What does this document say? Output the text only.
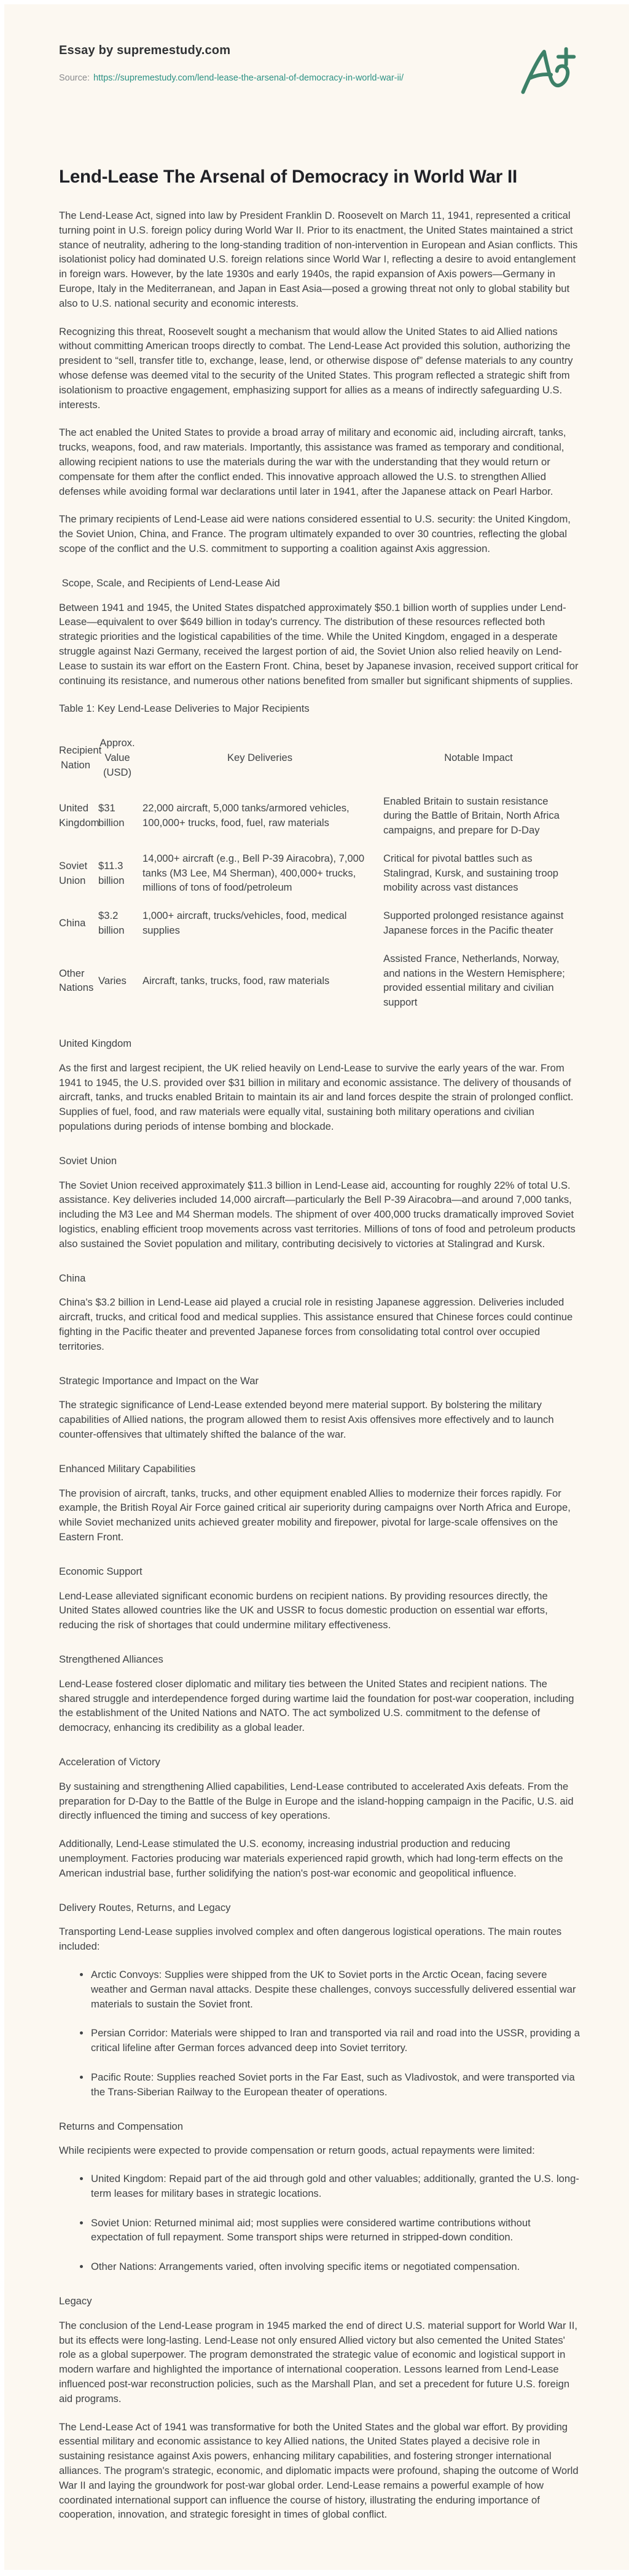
Essay by supremestudy.com
Source: https://supremestudy.com/lend-lease-the-arsenal-of-democracy-in-world-war-ii/
Lend-Lease The Arsenal of Democracy in World War II

The Lend-Lease Act, signed into law by President Franklin D. Roosevelt on March 11, 1941, represented a critical turning point in U.S. foreign policy during World War II. Prior to its enactment, the United States maintained a strict stance of neutrality, adhering to the long-standing tradition of non-intervention in European and Asian conflicts. This isolationist policy had dominated U.S. foreign relations since World War I, reflecting a desire to avoid entanglement in foreign wars. However, by the late 1930s and early 1940s, the rapid expansion of Axis powers—Germany in Europe, Italy in the Mediterranean, and Japan in East Asia—posed a growing threat not only to global stability but also to U.S. national security and economic interests.

Recognizing this threat, Roosevelt sought a mechanism that would allow the United States to aid Allied nations without committing American troops directly to combat. The Lend-Lease Act provided this solution, authorizing the president to “sell, transfer title to, exchange, lease, lend, or otherwise dispose of” defense materials to any country whose defense was deemed vital to the security of the United States. This program reflected a strategic shift from isolationism to proactive engagement, emphasizing support for allies as a means of indirectly safeguarding U.S. interests.

The act enabled the United States to provide a broad array of military and economic aid, including aircraft, tanks, trucks, weapons, food, and raw materials. Importantly, this assistance was framed as temporary and conditional, allowing recipient nations to use the materials during the war with the understanding that they would return or compensate for them after the conflict ended. This innovative approach allowed the U.S. to strengthen Allied defenses while avoiding formal war declarations until later in 1941, after the Japanese attack on Pearl Harbor.

The primary recipients of Lend-Lease aid were nations considered essential to U.S. security: the United Kingdom, the Soviet Union, China, and France. The program ultimately expanded to over 30 countries, reflecting the global scope of the conflict and the U.S. commitment to supporting a coalition against Axis aggression.

Scope, Scale, and Recipients of Lend-Lease Aid

Between 1941 and 1945, the United States dispatched approximately $50.1 billion worth of supplies under Lend-Lease—equivalent to over $649 billion in today's currency. The distribution of these resources reflected both strategic priorities and the logistical capabilities of the time. While the United Kingdom, engaged in a desperate struggle against Nazi Germany, received the largest portion of aid, the Soviet Union also relied heavily on Lend-Lease to sustain its war effort on the Eastern Front. China, beset by Japanese invasion, received support critical for continuing its resistance, and numerous other nations benefited from smaller but significant shipments of supplies.

Table 1: Key Lend-Lease Deliveries to Major Recipients

Recipient Nation	Approx. Value (USD)	Key Deliveries	Notable Impact
United Kingdom	$31 billion	22,000 aircraft, 5,000 tanks/armored vehicles, 100,000+ trucks, food, fuel, raw materials	Enabled Britain to sustain resistance during the Battle of Britain, North Africa campaigns, and prepare for D-Day
Soviet Union	$11.3 billion	14,000+ aircraft (e.g., Bell P-39 Airacobra), 7,000 tanks (M3 Lee, M4 Sherman), 400,000+ trucks, millions of tons of food/petroleum	Critical for pivotal battles such as Stalingrad, Kursk, and sustaining troop mobility across vast distances
China	$3.2 billion	1,000+ aircraft, trucks/vehicles, food, medical supplies	Supported prolonged resistance against Japanese forces in the Pacific theater
Other Nations	Varies	Aircraft, tanks, trucks, food, raw materials	Assisted France, Netherlands, Norway, and nations in the Western Hemisphere; provided essential military and civilian support
United Kingdom

As the first and largest recipient, the UK relied heavily on Lend-Lease to survive the early years of the war. From 1941 to 1945, the U.S. provided over $31 billion in military and economic assistance. The delivery of thousands of aircraft, tanks, and trucks enabled Britain to maintain its air and land forces despite the strain of prolonged conflict. Supplies of fuel, food, and raw materials were equally vital, sustaining both military operations and civilian populations during periods of intense bombing and blockade.

Soviet Union

The Soviet Union received approximately $11.3 billion in Lend-Lease aid, accounting for roughly 22% of total U.S. assistance. Key deliveries included 14,000 aircraft—particularly the Bell P-39 Airacobra—and around 7,000 tanks, including the M3 Lee and M4 Sherman models. The shipment of over 400,000 trucks dramatically improved Soviet logistics, enabling efficient troop movements across vast territories. Millions of tons of food and petroleum products also sustained the Soviet population and military, contributing decisively to victories at Stalingrad and Kursk.

China

China's $3.2 billion in Lend-Lease aid played a crucial role in resisting Japanese aggression. Deliveries included aircraft, trucks, and critical food and medical supplies. This assistance ensured that Chinese forces could continue fighting in the Pacific theater and prevented Japanese forces from consolidating total control over occupied territories.

Strategic Importance and Impact on the War

The strategic significance of Lend-Lease extended beyond mere material support. By bolstering the military capabilities of Allied nations, the program allowed them to resist Axis offensives more effectively and to launch counter-offensives that ultimately shifted the balance of the war.

Enhanced Military Capabilities

The provision of aircraft, tanks, trucks, and other equipment enabled Allies to modernize their forces rapidly. For example, the British Royal Air Force gained critical air superiority during campaigns over North Africa and Europe, while Soviet mechanized units achieved greater mobility and firepower, pivotal for large-scale offensives on the Eastern Front.

Economic Support

Lend-Lease alleviated significant economic burdens on recipient nations. By providing resources directly, the United States allowed countries like the UK and USSR to focus domestic production on essential war efforts, reducing the risk of shortages that could undermine military effectiveness.

Strengthened Alliances

Lend-Lease fostered closer diplomatic and military ties between the United States and recipient nations. The shared struggle and interdependence forged during wartime laid the foundation for post-war cooperation, including the establishment of the United Nations and NATO. The act symbolized U.S. commitment to the defense of democracy, enhancing its credibility as a global leader.

Acceleration of Victory

By sustaining and strengthening Allied capabilities, Lend-Lease contributed to accelerated Axis defeats. From the preparation for D-Day to the Battle of the Bulge in Europe and the island-hopping campaign in the Pacific, U.S. aid directly influenced the timing and success of key operations.

Additionally, Lend-Lease stimulated the U.S. economy, increasing industrial production and reducing unemployment. Factories producing war materials experienced rapid growth, which had long-term effects on the American industrial base, further solidifying the nation's post-war economic and geopolitical influence.

Delivery Routes, Returns, and Legacy

Transporting Lend-Lease supplies involved complex and often dangerous logistical operations. The main routes included:

Arctic Convoys: Supplies were shipped from the UK to Soviet ports in the Arctic Ocean, facing severe weather and German naval attacks. Despite these challenges, convoys successfully delivered essential war materials to sustain the Soviet front.
Persian Corridor: Materials were shipped to Iran and transported via rail and road into the USSR, providing a critical lifeline after German forces advanced deep into Soviet territory.
Pacific Route: Supplies reached Soviet ports in the Far East, such as Vladivostok, and were transported via the Trans-Siberian Railway to the European theater of operations.
Returns and Compensation

While recipients were expected to provide compensation or return goods, actual repayments were limited:

United Kingdom: Repaid part of the aid through gold and other valuables; additionally, granted the U.S. long-term leases for military bases in strategic locations.
Soviet Union: Returned minimal aid; most supplies were considered wartime contributions without expectation of full repayment. Some transport ships were returned in stripped-down condition.
Other Nations: Arrangements varied, often involving specific items or negotiated compensation.
Legacy

The conclusion of the Lend-Lease program in 1945 marked the end of direct U.S. material support for World War II, but its effects were long-lasting. Lend-Lease not only ensured Allied victory but also cemented the United States' role as a global superpower. The program demonstrated the strategic value of economic and logistical support in modern warfare and highlighted the importance of international cooperation. Lessons learned from Lend-Lease influenced post-war reconstruction policies, such as the Marshall Plan, and set a precedent for future U.S. foreign aid programs.

The Lend-Lease Act of 1941 was transformative for both the United States and the global war effort. By providing essential military and economic assistance to key Allied nations, the United States played a decisive role in sustaining resistance against Axis powers, enhancing military capabilities, and fostering stronger international alliances. The program's strategic, economic, and diplomatic impacts were profound, shaping the outcome of World War II and laying the groundwork for post-war global order. Lend-Lease remains a powerful example of how coordinated international support can influence the course of history, illustrating the enduring importance of cooperation, innovation, and strategic foresight in times of global conflict.
